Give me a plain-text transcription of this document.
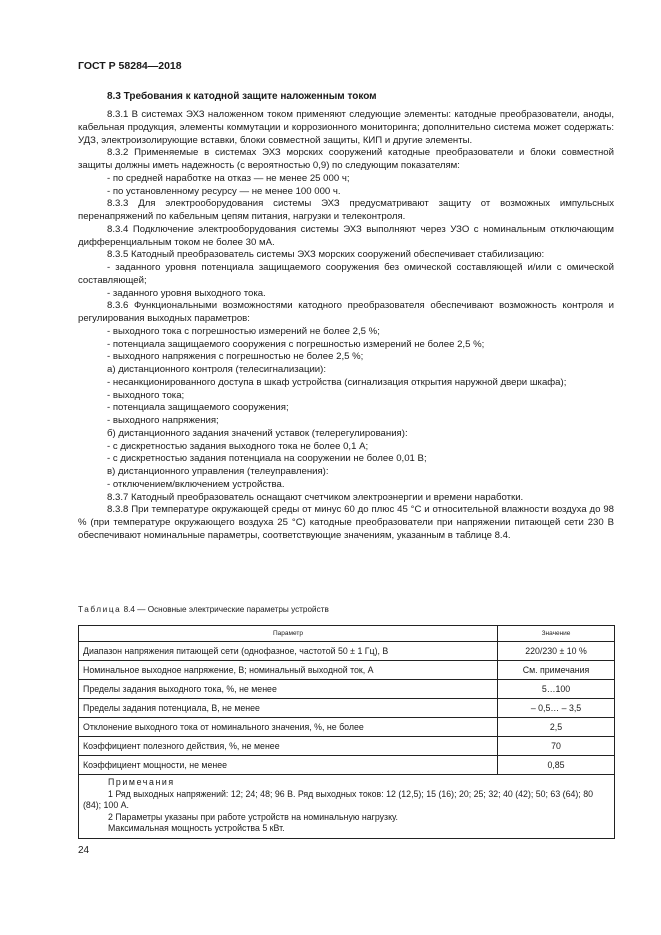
ГОСТ Р 58284—2018
8.3 Требования к катодной защите наложенным током

8.3.1 В системах ЭХЗ наложенном током применяют следующие элементы: катодные преобразователи, аноды, кабельная продукция, элементы коммутации и коррозионного мониторинга; дополнительно система может содержать: УДЗ, электроизолирующие вставки, блоки совместной защиты, КИП и другие элементы.

8.3.2 Применяемые в системах ЭХЗ морских сооружений катодные преобразователи и блоки совместной защиты должны иметь надежность (с вероятностью 0,9) по следующим показателям:

- по средней наработке на отказ — не менее 25 000 ч;

- по установленному ресурсу — не менее 100 000 ч.

8.3.3 Для электрооборудования системы ЭХЗ предусматривают защиту от возможных импульсных перенапряжений по кабельным цепям питания, нагрузки и телеконтроля.

8.3.4 Подключение электрооборудования системы ЭХЗ выполняют через УЗО с номинальным отключающим дифференциальным током не более 30 мА.

8.3.5 Катодный преобразователь системы ЭХЗ морских сооружений обеспечивает стабилизацию:

- заданного уровня потенциала защищаемого сооружения без омической составляющей и/или с омической составляющей;

- заданного уровня выходного тока.

8.3.6 Функциональными возможностями катодного преобразователя обеспечивают возможность контроля и регулирования выходных параметров:

- выходного тока с погрешностью измерений не более 2,5 %;

- потенциала защищаемого сооружения с погрешностью измерений не более 2,5 %;

- выходного напряжения с погрешностью не более 2,5 %;

а) дистанционного контроля (телесигнализации):

- несанкционированного доступа в шкаф устройства (сигнализация открытия наружной двери шкафа);

- выходного тока;

- потенциала защищаемого сооружения;

- выходного напряжения;

б) дистанционного задания значений уставок (телерегулирования):

- с дискретностью задания выходного тока не более 0,1 А;

- с дискретностью задания потенциала на сооружении не более 0,01 В;

в) дистанционного управления (телеуправления):

- отключением/включением устройства.

8.3.7 Катодный преобразователь оснащают счетчиком электроэнергии и времени наработки.

8.3.8 При температуре окружающей среды от минус 60 до плюс 45 °С и относительной влажности воздуха до 98 % (при температуре окружающего воздуха 25 °С) катодные преобразователи при напряжении питающей сети 230 В обеспечивают номинальные параметры, соответствующие значениям, указанным в таблице 8.4.

Таблица 8.4 — Основные электрические параметры устройств
Параметр	Значение
Диапазон напряжения питающей сети (однофазное, частотой 50 ± 1 Гц), В	220/230 ± 10 %
Номинальное выходное напряжение, В; номинальный выходной ток, А	См. примечания
Пределы задания выходного тока, %, не менее	5…100
Пределы задания потенциала, В, не менее	– 0,5… – 3,5
Отклонение выходного тока от номинального значения, %, не более	2,5
Коэффициент полезного действия, %, не менее	70
Коэффициент мощности, не менее	0,85

Примечания

1 Ряд выходных напряжений: 12; 24; 48; 96 В. Ряд выходных токов: 12 (12,5); 15 (16); 20; 25; 32; 40 (42); 50; 63 (64); 80 (84); 100 А.

2 Параметры указаны при работе устройств на номинальную нагрузку.

Максимальная мощность устройства 5 кВт.	

24
